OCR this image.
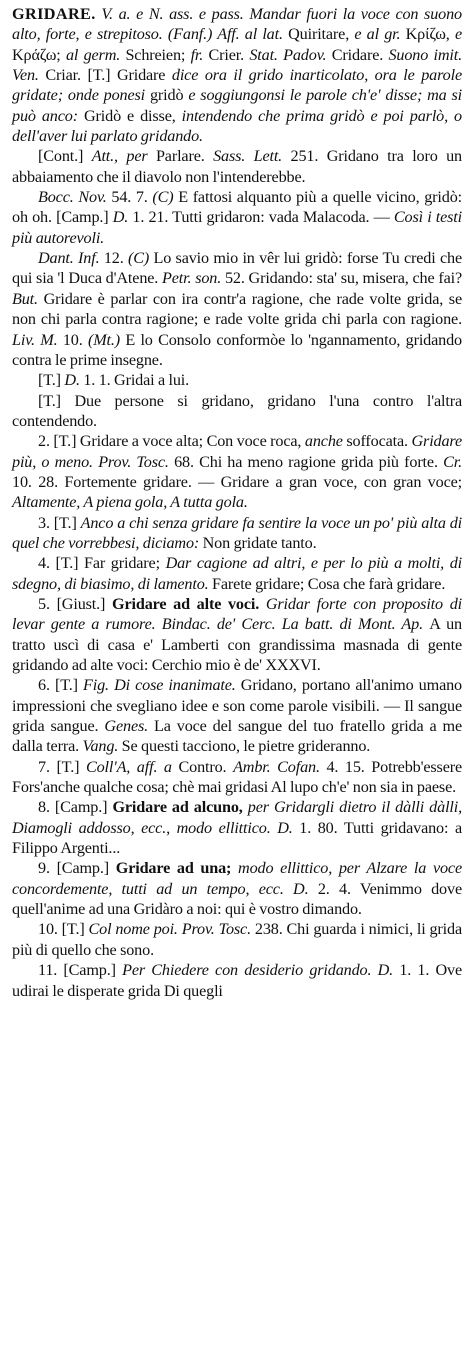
GRIDARE. V. a. e N. ass. e pass. Mandar fuori la voce con suono alto, forte, e strepitoso. (Fanf.) Aff. al lat. Quiritare, e al gr. Κρίζω, e Κράζω; al germ. Schreien; fr. Crier. Stat. Padov. Cridare. Suono imit. Ven. Criar. [T.] Gridare dice ora il grido inarticolato, ora le parole gridate; onde ponesi gridò e soggiungonsi le parole ch'e' disse; ma si può anco: Gridò e disse, intendendo che prima gridò e poi parlò, o dell'aver lui parlato gridando.

[Cont.] Att., per Parlare. Sass. Lett. 251. Gridano tra loro un abbaiamento che il diavolo non l'intenderebbe.

Bocc. Nov. 54. 7. (C) E fattosi alquanto più a quelle vicino, gridò: oh oh. [Camp.] D. 1. 21. Tutti gridaron: vada Malacoda. — Così i testi più autorevoli.

Dant. Inf. 12. (C) Lo savio mio in vêr lui gridò: forse Tu credi che qui sia 'l Duca d'Atene. Petr. son. 52. Gridando: sta' su, misera, che fai? But. Gridare è parlar con ira contr'a ragione, che rade volte grida, se non chi parla contra ragione; e rade volte grida chi parla con ragione. Liv. M. 10. (Mt.) E lo Consolo conformòe lo 'ngannamento, gridando contra le prime insegne.

[T.] D. 1. 1. Gridai a lui.

[T.] Due persone si gridano, gridano l'una contro l'altra contendendo.

2. [T.] Gridare a voce alta; Con voce roca, anche soffocata. Gridare più, o meno. Prov. Tosc. 68. Chi ha meno ragione grida più forte. Cr. 10. 28. Fortemente gridare. — Gridare a gran voce, con gran voce; Altamente, A piena gola, A tutta gola.

3. [T.] Anco a chi senza gridare fa sentire la voce un po' più alta di quel che vorrebbesi, diciamo: Non gridate tanto.

4. [T.] Far gridare; Dar cagione ad altri, e per lo più a molti, di sdegno, di biasimo, di lamento. Farete gridare; Cosa che farà gridare.

5. [Giust.] Gridare ad alte voci. Gridar forte con proposito di levar gente a rumore. Bindac. de' Cerc. La batt. di Mont. Ap. A un tratto uscì di casa e' Lamberti con grandissima masnada di gente gridando ad alte voci: Cerchio mio è de' XXXVI.

6. [T.] Fig. Di cose inanimate. Gridano, portano all'animo umano impressioni che svegliano idee e son come parole visibili. — Il sangue grida sangue. Genes. La voce del sangue del tuo fratello grida a me dalla terra. Vang. Se questi tacciono, le pietre grideranno.

7. [T.] Coll'A, aff. a Contro. Ambr. Cofan. 4. 15. Potrebb'essere Fors'anche qualche cosa; chè mai gridasi Al lupo ch'e' non sia in paese.

8. [Camp.] Gridare ad alcuno, per Gridargli dietro il dàlli dàlli, Diamogli addosso, ecc., modo ellittico. D. 1. 80. Tutti gridavano: a Filippo Argenti...

9. [Camp.] Gridare ad una; modo ellittico, per Alzare la voce concordemente, tutti ad un tempo, ecc. D. 2. 4. Venimmo dove quell'anime ad una Gridàro a noi: qui è vostro dimando.

10. [T.] Col nome poi. Prov. Tosc. 238. Chi guarda i nimici, li grida più di quello che sono.

11. [Camp.] Per Chiedere con desiderio gridando. D. 1. 1. Ove udirai le disperate grida Di quegli
